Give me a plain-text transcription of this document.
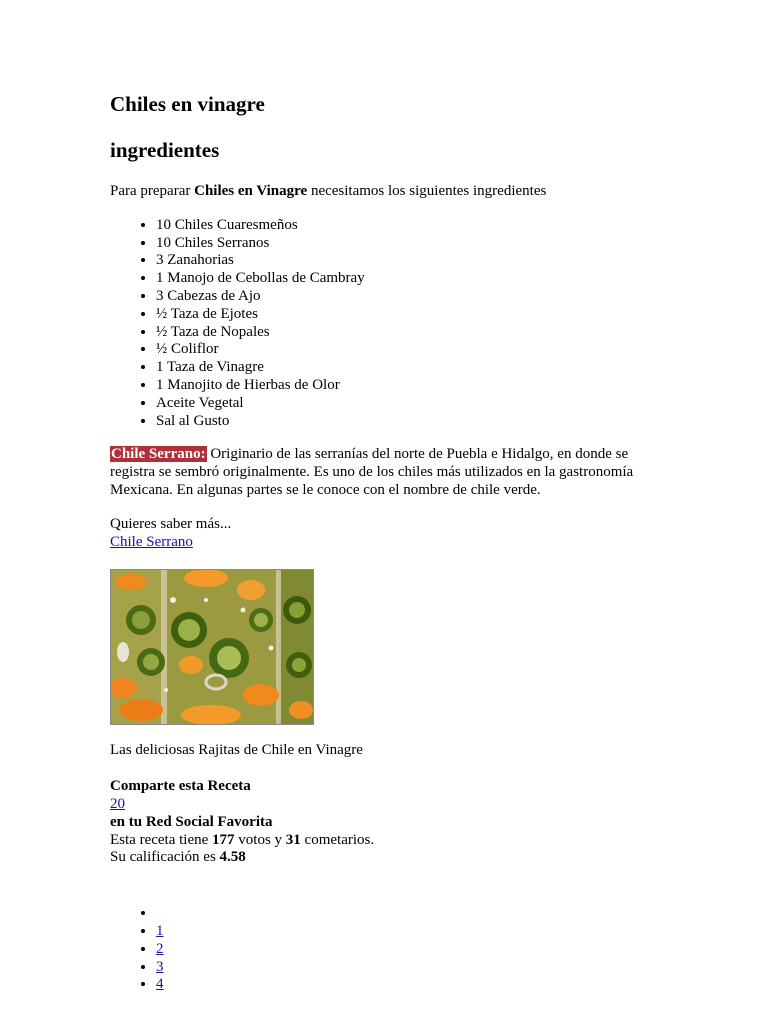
Chiles en vinagre
ingredientes

Para preparar Chiles en Vinagre necesitamos los siguientes ingredientes

• 10 Chiles Cuaresmeños
• 10 Chiles Serranos
• 3 Zanahorias
• 1 Manojo de Cebollas de Cambray
• 3 Cabezas de Ajo
• ½ Taza de Ejotes
• ½ Taza de Nopales
• ½ Coliflor
• 1 Taza de Vinagre
• 1 Manojito de Hierbas de Olor
• Aceite Vegetal
• Sal al Gusto

Chile Serrano: Originario de las serranías del norte de Puebla e Hidalgo, en donde se registra se sembró originalmente. Es uno de los chiles más utilizados en la gastronomía Mexicana. En algunas partes se le conoce con el nombre de chile verde.

Quieres saber más...
Chile Serrano

Las deliciosas Rajitas de Chile en Vinagre

Comparte esta Receta
20
en tu Red Social Favorita
Esta receta tiene 177 votos y 31 cometarios.
Su calificación es 4.58
•
• 1
• 2
• 3
• 4
